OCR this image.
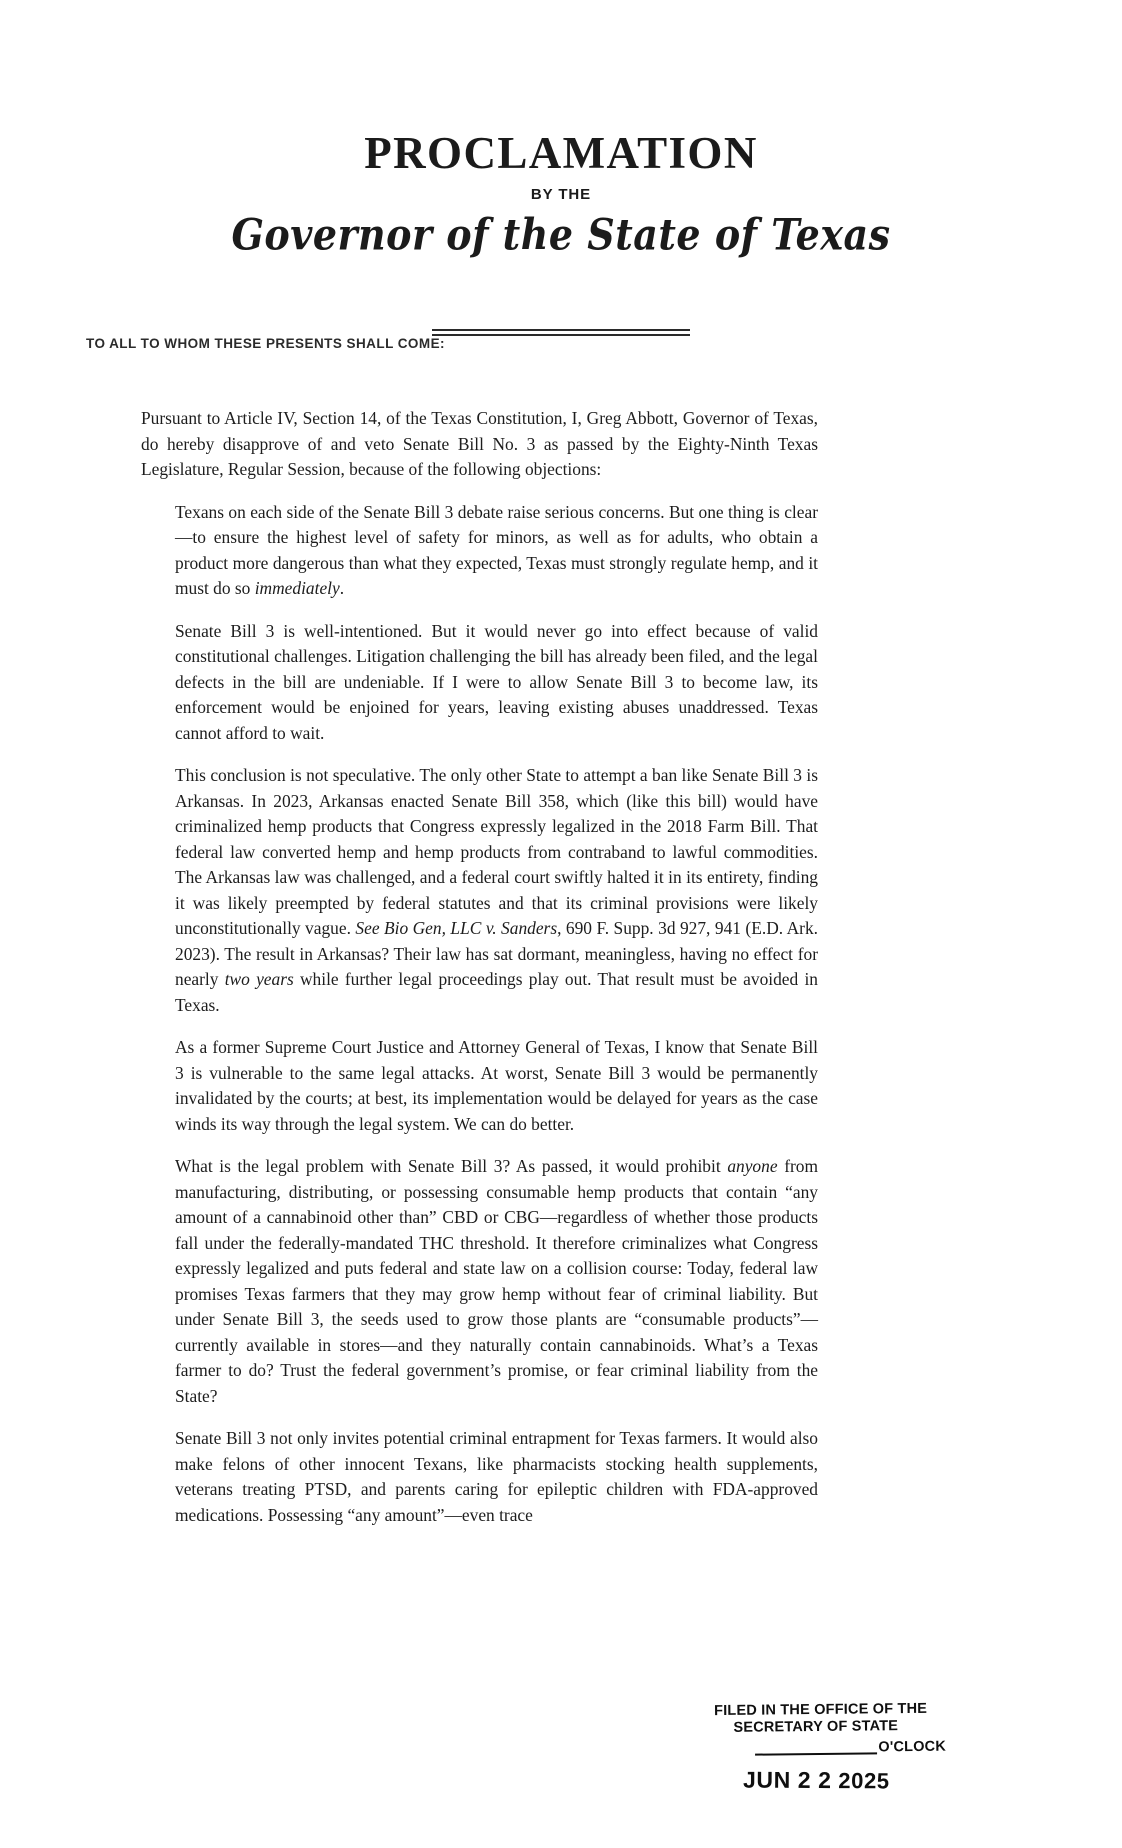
PROCLAMATION
BY THE
Governor of the State of Texas
TO ALL TO WHOM THESE PRESENTS SHALL COME:

Pursuant to Article IV, Section 14, of the Texas Constitution, I, Greg Abbott, Governor of Texas, do hereby disapprove of and veto Senate Bill No. 3 as passed by the Eighty-Ninth Texas Legislature, Regular Session, because of the following objections:

Texans on each side of the Senate Bill 3 debate raise serious concerns. But one thing is clear—to ensure the highest level of safety for minors, as well as for adults, who obtain a product more dangerous than what they expected, Texas must strongly regulate hemp, and it must do so immediately.

Senate Bill 3 is well-intentioned. But it would never go into effect because of valid constitutional challenges. Litigation challenging the bill has already been filed, and the legal defects in the bill are undeniable. If I were to allow Senate Bill 3 to become law, its enforcement would be enjoined for years, leaving existing abuses unaddressed. Texas cannot afford to wait.

This conclusion is not speculative. The only other State to attempt a ban like Senate Bill 3 is Arkansas. In 2023, Arkansas enacted Senate Bill 358, which (like this bill) would have criminalized hemp products that Congress expressly legalized in the 2018 Farm Bill. That federal law converted hemp and hemp products from contraband to lawful commodities. The Arkansas law was challenged, and a federal court swiftly halted it in its entirety, finding it was likely preempted by federal statutes and that its criminal provisions were likely unconstitutionally vague. See Bio Gen, LLC v. Sanders, 690 F. Supp. 3d 927, 941 (E.D. Ark. 2023). The result in Arkansas? Their law has sat dormant, meaningless, having no effect for nearly two years while further legal proceedings play out. That result must be avoided in Texas.

As a former Supreme Court Justice and Attorney General of Texas, I know that Senate Bill 3 is vulnerable to the same legal attacks. At worst, Senate Bill 3 would be permanently invalidated by the courts; at best, its implementation would be delayed for years as the case winds its way through the legal system. We can do better.

What is the legal problem with Senate Bill 3? As passed, it would prohibit anyone from manufacturing, distributing, or possessing consumable hemp products that contain “any amount of a cannabinoid other than” CBD or CBG—regardless of whether those products fall under the federally-mandated THC threshold. It therefore criminalizes what Congress expressly legalized and puts federal and state law on a collision course: Today, federal law promises Texas farmers that they may grow hemp without fear of criminal liability. But under Senate Bill 3, the seeds used to grow those plants are “consumable products”—currently available in stores—and they naturally contain cannabinoids. What’s a Texas farmer to do? Trust the federal government’s promise, or fear criminal liability from the State?

Senate Bill 3 not only invites potential criminal entrapment for Texas farmers. It would also make felons of other innocent Texans, like pharmacists stocking health supplements, veterans treating PTSD, and parents caring for epileptic children with FDA-approved medications. Possessing “any amount”—even trace

FILED IN THE OFFICE OF THE
SECRETARY OF STATE
O'CLOCK
JUN 2 2 2025
